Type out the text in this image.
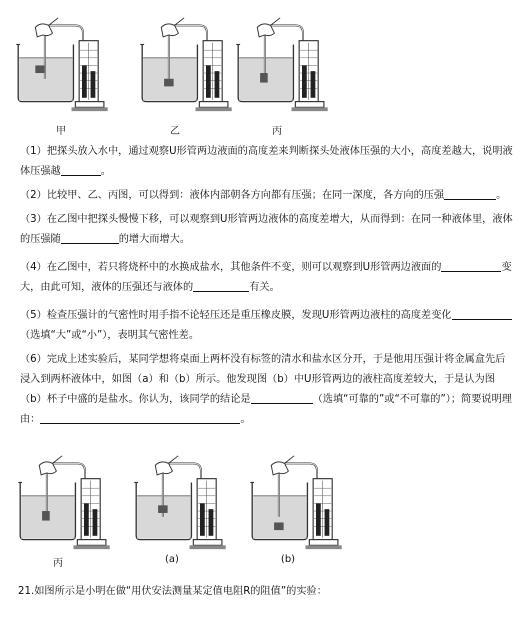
甲	乙	丙
（1）把探头放入水中，通过观察U形管两边液面的高度差来判断探头处液体压强的大小，高度差越大，说明液体压强越	。
（2）比较甲、乙、丙图，可以得到：液体内部朝各方向都有压强；在同一深度，各方向的压强	。
（3）在乙图中把探头慢慢下移，可以观察到U形管两边液体的高度差增大，从而得到：在同一种液体里，液体的压强随	的增大而增大。
（4）在乙图中，若只将烧杯中的水换成盐水，其他条件不变，则可以观察到U形管两边液面的	变大，由此可知，液体的压强还与液体的	有关。
（5）检查压强计的气密性时用手指不论轻压还是重压橡皮膜，发现U形管两边液柱的高度差变化（选填“大”或“小”），表明其气密性差。
（6）完成上述实验后，某同学想将桌面上两杯没有标签的清水和盐水区分开，于是他用压强计将金属盒先后浸入到两杯液体中，如图（a）和（b）所示。他发现图（b）中U形管两边的液柱高度差较大，于是认为图（b）杯子中盛的是盐水。你认为，该同学的结论是	（选填“可靠的”或“不可靠的”）；简要说明理由：	。
丙	(a)	(b)
21.如图所示是小明在做“用伏安法测量某定值电阻R的阻值”的实验：
